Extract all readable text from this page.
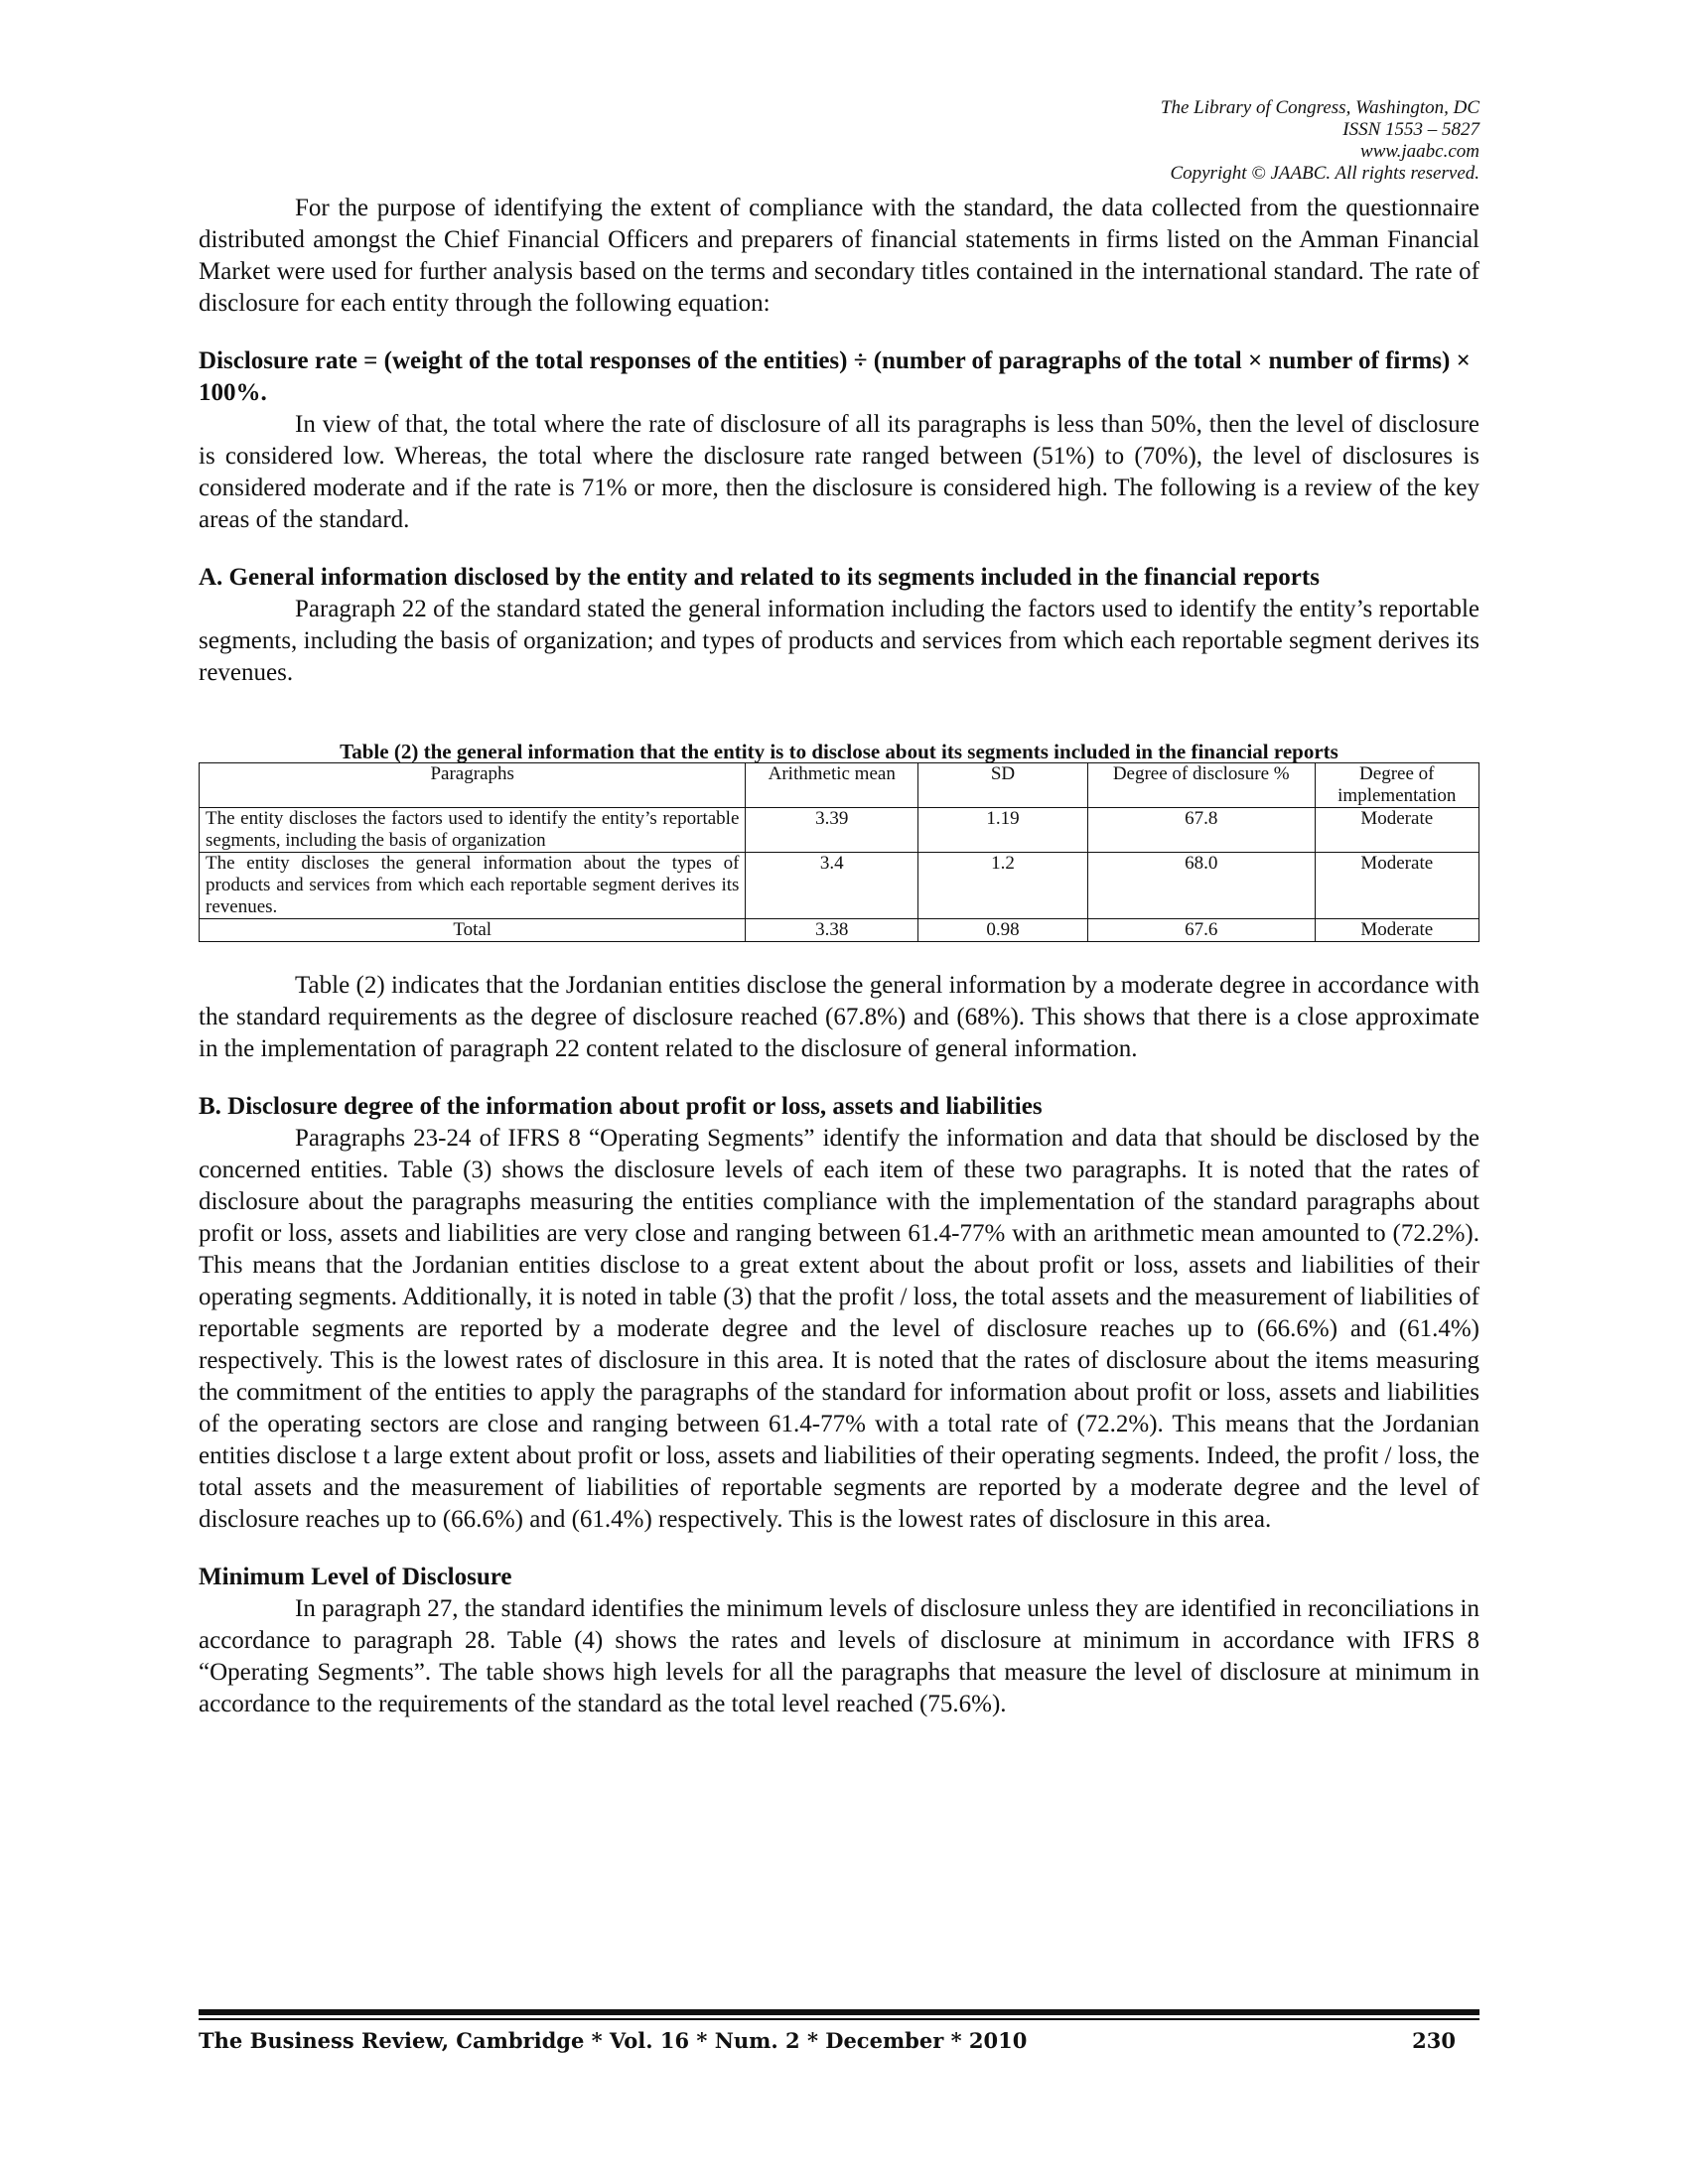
The Library of Congress, Washington, DC
ISSN 1553 – 5827
www.jaabc.com
Copyright © JAABC. All rights reserved.

For the purpose of identifying the extent of compliance with the standard, the data collected from the questionnaire distributed amongst the Chief Financial Officers and preparers of financial statements in firms listed on the Amman Financial Market were used for further analysis based on the terms and secondary titles contained in the international standard. The rate of disclosure for each entity through the following equation:

Disclosure rate = (weight of the total responses of the entities) ÷ (number of paragraphs of the total × number of firms) × 100%.

In view of that, the total where the rate of disclosure of all its paragraphs is less than 50%, then the level of disclosure is considered low. Whereas, the total where the disclosure rate ranged between (51%) to (70%), the level of disclosures is considered moderate and if the rate is 71% or more, then the disclosure is considered high. The following is a review of the key areas of the standard.

A. General information disclosed by the entity and related to its segments included in the financial reports

Paragraph 22 of the standard stated the general information including the factors used to identify the entity’s reportable segments, including the basis of organization; and types of products and services from which each reportable segment derives its revenues.

Table (2) the general information that the entity is to disclose about its segments included in the financial reports
Paragraphs	Arithmetic mean	SD	Degree of disclosure %	Degree of implementation
The entity discloses the factors used to identify the entity’s reportable segments, including the basis of organization	3.39	1.19	67.8	Moderate
The entity discloses the general information about the types of products and services from which each reportable segment derives its revenues.	3.4	1.2	68.0	Moderate
Total	3.38	0.98	67.6	Moderate

Table (2) indicates that the Jordanian entities disclose the general information by a moderate degree in accordance with the standard requirements as the degree of disclosure reached (67.8%) and (68%). This shows that there is a close approximate in the implementation of paragraph 22 content related to the disclosure of general information.

B. Disclosure degree of the information about profit or loss, assets and liabilities

Paragraphs 23-24 of IFRS 8 “Operating Segments” identify the information and data that should be disclosed by the concerned entities. Table (3) shows the disclosure levels of each item of these two paragraphs. It is noted that the rates of disclosure about the paragraphs measuring the entities compliance with the implementation of the standard paragraphs about profit or loss, assets and liabilities are very close and ranging between 61.4-77% with an arithmetic mean amounted to (72.2%). This means that the Jordanian entities disclose to a great extent about the about profit or loss, assets and liabilities of their operating segments. Additionally, it is noted in table (3) that the profit / loss, the total assets and the measurement of liabilities of reportable segments are reported by a moderate degree and the level of disclosure reaches up to (66.6%) and (61.4%) respectively. This is the lowest rates of disclosure in this area. It is noted that the rates of disclosure about the items measuring the commitment of the entities to apply the paragraphs of the standard for information about profit or loss, assets and liabilities of the operating sectors are close and ranging between 61.4-77% with a total rate of (72.2%). This means that the Jordanian entities disclose t a large extent about profit or loss, assets and liabilities of their operating segments. Indeed, the profit / loss, the total assets and the measurement of liabilities of reportable segments are reported by a moderate degree and the level of disclosure reaches up to (66.6%) and (61.4%) respectively. This is the lowest rates of disclosure in this area.

Minimum Level of Disclosure

In paragraph 27, the standard identifies the minimum levels of disclosure unless they are identified in reconciliations in accordance to paragraph 28. Table (4) shows the rates and levels of disclosure at minimum in accordance with IFRS 8 “Operating Segments”. The table shows high levels for all the paragraphs that measure the level of disclosure at minimum in accordance to the requirements of the standard as the total level reached (75.6%).

The Business Review, Cambridge * Vol. 16 * Num. 2 * December * 2010	230
